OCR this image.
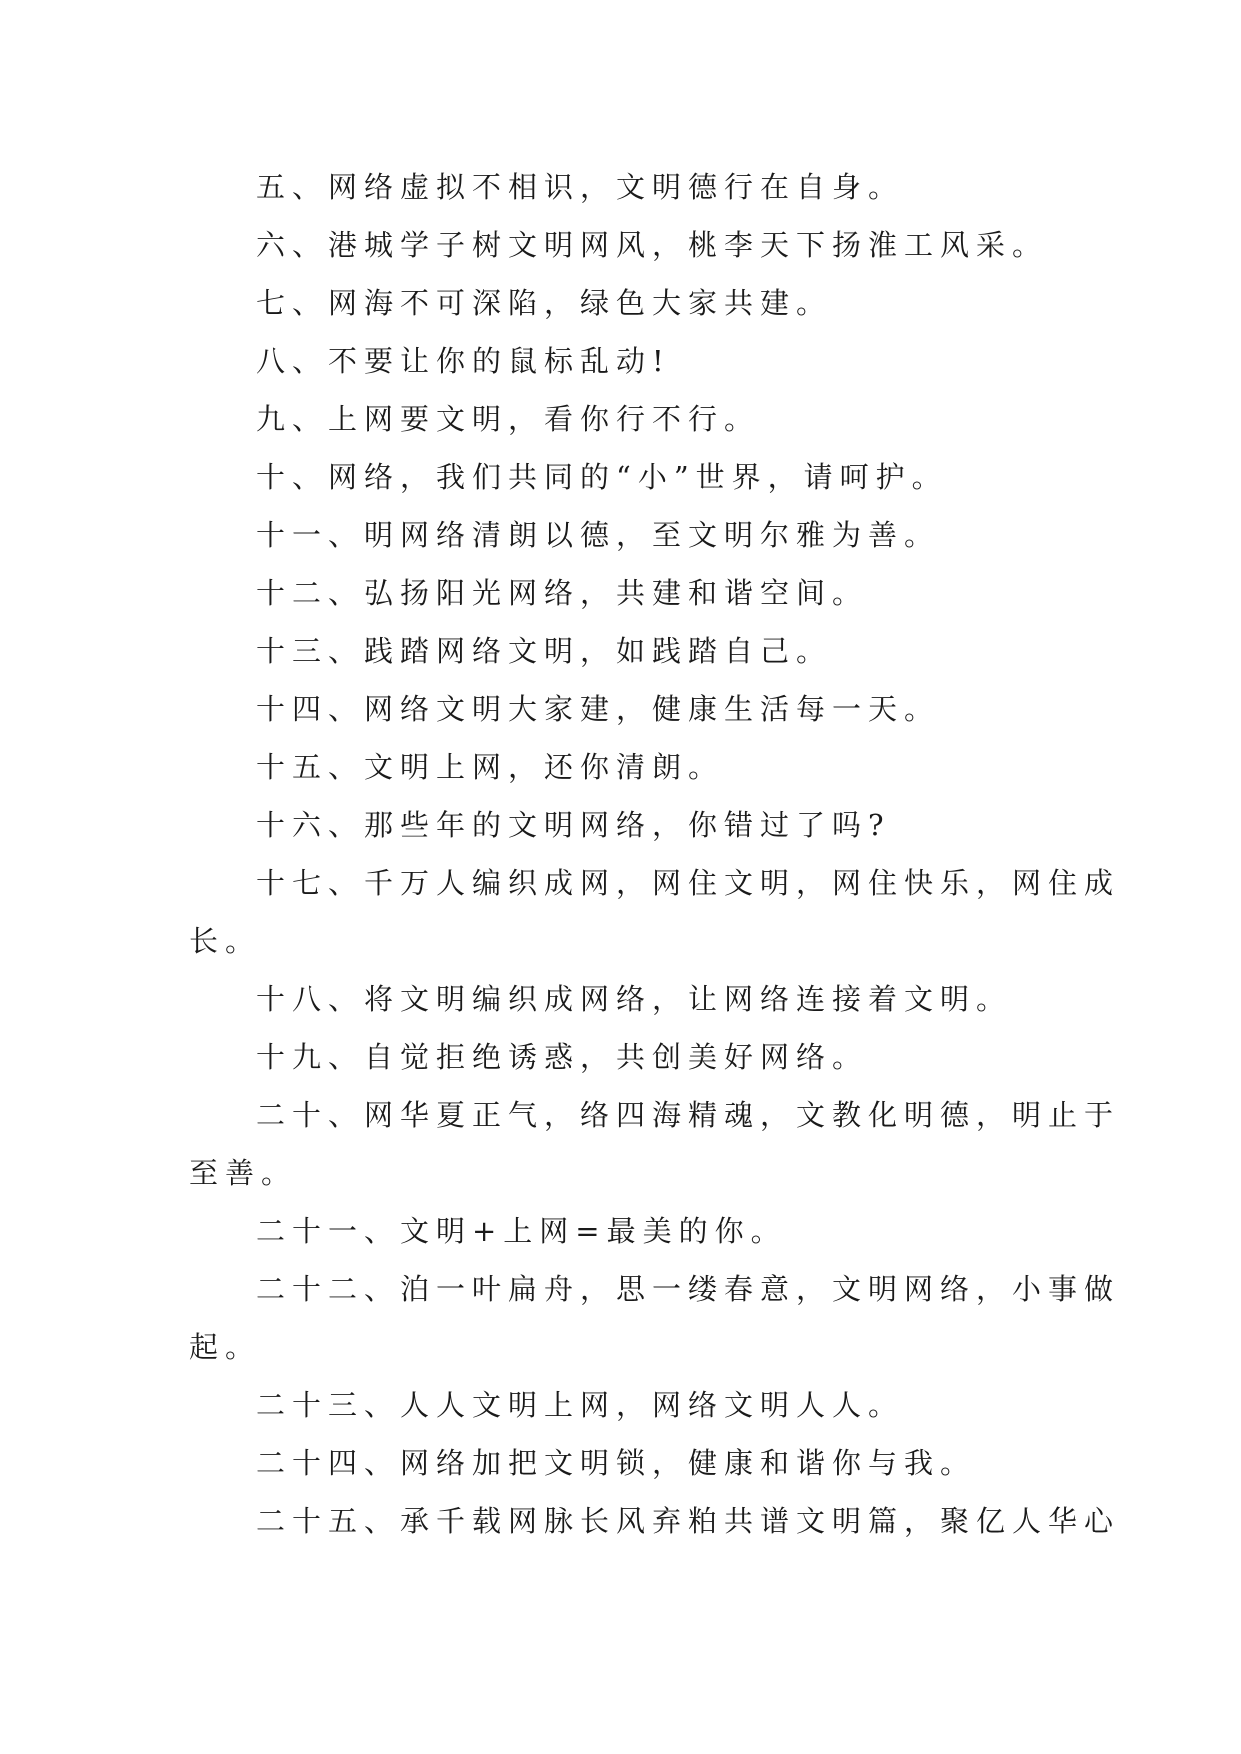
五、网络虚拟不相识，文明德行在自身。

六、港城学子树文明网风，桃李天下扬淮工风采。

七、网海不可深陷，绿色大家共建。

八、不要让你的鼠标乱动!

九、上网要文明，看你行不行。

十、网络，我们共同的“小”世界，请呵护。

十一、明网络清朗以德，至文明尔雅为善。

十二、弘扬阳光网络，共建和谐空间。

十三、践踏网络文明，如践踏自己。

十四、网络文明大家建，健康生活每一天。

十五、文明上网，还你清朗。

十六、那些年的文明网络，你错过了吗?

十七、千万人编织成网，网住文明，网住快乐，网住成

长。

十八、将文明编织成网络，让网络连接着文明。

十九、自觉拒绝诱惑，共创美好网络。

二十、网华夏正气，络四海精魂，文教化明德，明止于

至善。

二十一、文明+上网=最美的你。

二十二、泊一叶扁舟，思一缕春意，文明网络，小事做

起。

二十三、人人文明上网，网络文明人人。

二十四、网络加把文明锁，健康和谐你与我。

二十五、承千载网脉长风弃粕共谱文明篇，聚亿人华心
